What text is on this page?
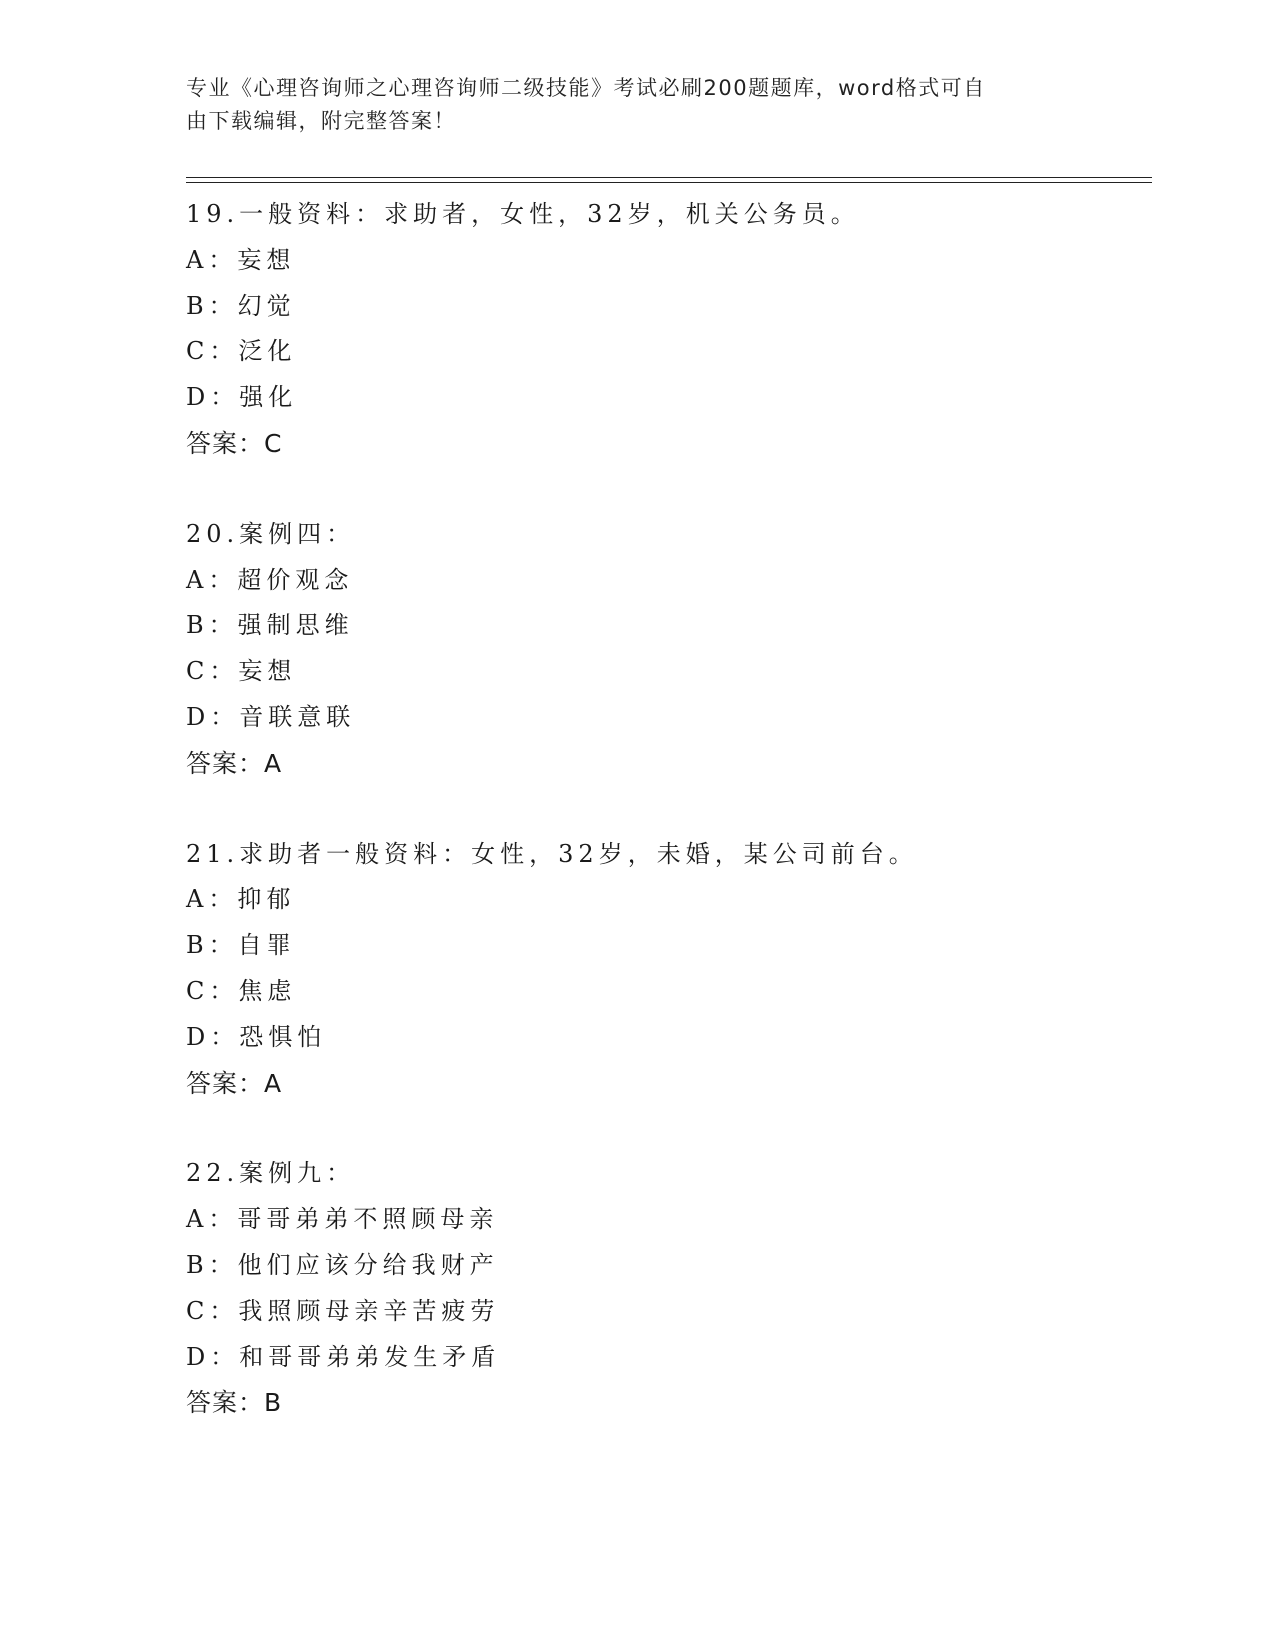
专业《心理咨询师之心理咨询师二级技能》考试必刷200题题库，word格式可自
由下载编辑，附完整答案！
19.一般资料：求助者，女性，32岁，机关公务员。
A：妄想
B：幻觉
C：泛化
D：强化
答案：C
20.案例四：
A：超价观念
B：强制思维
C：妄想
D：音联意联
答案：A
21.求助者一般资料：女性，32岁，未婚，某公司前台。
A：抑郁
B：自罪
C：焦虑
D：恐惧怕
答案：A
22.案例九：
A：哥哥弟弟不照顾母亲
B：他们应该分给我财产
C：我照顾母亲辛苦疲劳
D：和哥哥弟弟发生矛盾
答案：B
